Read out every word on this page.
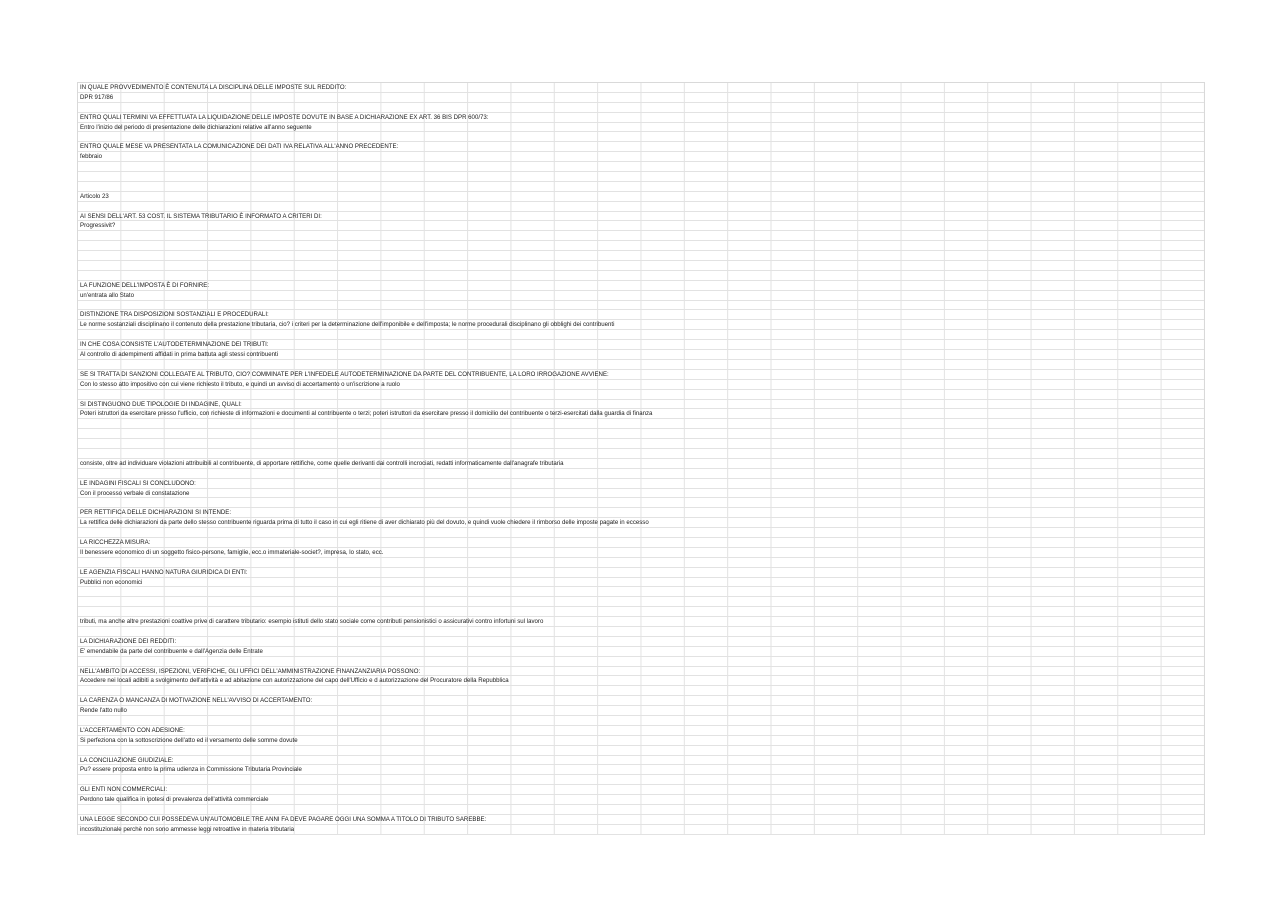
IN QUALE PROVVEDIMENTO È CONTENUTA LA DISCIPLINA DELLE IMPOSTE SUL REDDITO:
DPR 917/86
ENTRO QUALI TERMINI VA EFFETTUATA LA LIQUIDAZIONE DELLE IMPOSTE DOVUTE IN BASE A DICHIARAZIONE EX ART. 36 BIS DPR 600/73:
Entro l'inizio del periodo di presentazione delle dichiarazioni relative all'anno seguente
ENTRO QUALE MESE VA PRESENTATA LA COMUNICAZIONE DEI DATI IVA RELATIVA ALL'ANNO PRECEDENTE:
febbraio
Articolo 23
AI SENSI DELL'ART. 53 COST. IL SISTEMA TRIBUTARIO È INFORMATO A CRITERI DI:
Progressivit?
LA FUNZIONE DELL'IMPOSTA È DI FORNIRE:
un'entrata allo Stato
DISTINZIONE TRA DISPOSIZIONI SOSTANZIALI E PROCEDURALI:
Le norme sostanziali disciplinano il contenuto della prestazione tributaria, cio? i criteri per la determinazione dell'imponibile e dell'imposta; le norme procedurali disciplinano gli obblighi dei contribuenti
IN CHE COSA CONSISTE L'AUTODETERMINAZIONE DEI TRIBUTI:
Al controllo di adempimenti affidati in prima battuta agli stessi contribuenti
SE SI TRATTA DI SANZIONI COLLEGATE AL TRIBUTO, CIO? COMMINATE PER L'INFEDELE AUTODETERMINAZIONE DA PARTE DEL CONTRIBUENTE, LA LORO IRROGAZIONE AVVIENE:
Con lo stesso atto impositivo con cui viene richiesto il tributo, e quindi un avviso di accertamento o un'iscrizione a ruolo
SI DISTINGUONO DUE TIPOLOGIE DI INDAGINE, QUALI:
Poteri istruttori da esercitare presso l'ufficio, con richieste di informazioni e documenti al contribuente o terzi; poteri istruttori da esercitare presso il domicilio del contribuente o terzi-esercitati dalla guardia di finanza
consiste, oltre ad individuare violazioni attribuibili al contribuente, di apportare rettifiche, come quelle derivanti dai controlli incrociati, redatti informaticamente dall'anagrafe tributaria
LE INDAGINI FISCALI SI CONCLUDONO:
Con il processo verbale di constatazione
PER RETTIFICA DELLE DICHIARAZIONI SI INTENDE:
La rettifica delle dichiarazioni da parte dello stesso contribuente riguarda prima di tutto il caso in cui egli ritiene di aver dichiarato più del dovuto, e quindi vuole chiedere il rimborso delle imposte pagate in eccesso
LA RICCHEZZA MISURA:
Il benessere economico di un soggetto fisico-persone, famiglie, ecc.o immateriale-societ?, impresa, lo stato, ecc.
LE AGENZIA FISCALI HANNO NATURA GIURIDICA DI ENTI:
Pubblici non economici
tributi, ma anche altre prestazioni coattive prive di carattere tributario: esempio istituti dello stato sociale come contributi pensionistici o assicurativi contro infortuni sul lavoro
LA DICHIARAZIONE DEI REDDITI:
E' emendabile da parte del contribuente e dall'Agenzia delle Entrate
NELL'AMBITO DI ACCESSI, ISPEZIONI, VERIFICHE, GLI UFFICI DELL'AMMINISTRAZIONE FINANZANZIARIA POSSONO:
Accedere nei locali adibiti a svolgimento dell'attività e ad abitazione con autorizzazione del capo dell'Ufficio e d autorizzazione del Procuratore della Repubblica
LA CARENZA O MANCANZA DI MOTIVAZIONE NELL'AVVISO DI ACCERTAMENTO:
Rende l'atto nullo
L'ACCERTAMENTO CON ADESIONE:
Si perfeziona con la sottoscrizione dell'atto ed il versamento delle somme dovute
LA CONCILIAZIONE GIUDIZIALE:
Pu? essere proposta entro la prima udienza in Commissione Tributaria Provinciale
GLI ENTI NON COMMERCIALI:
Perdono tale qualifica in ipotesi di prevalenza dell'attività commerciale
UNA LEGGE SECONDO CUI POSSEDEVA UN'AUTOMOBILE TRE ANNI FA DEVE PAGARE OGGI UNA SOMMA A TITOLO DI TRIBUTO SAREBBE:
incostituzionale perchè non sono ammesse leggi retroattive in materia tributaria
